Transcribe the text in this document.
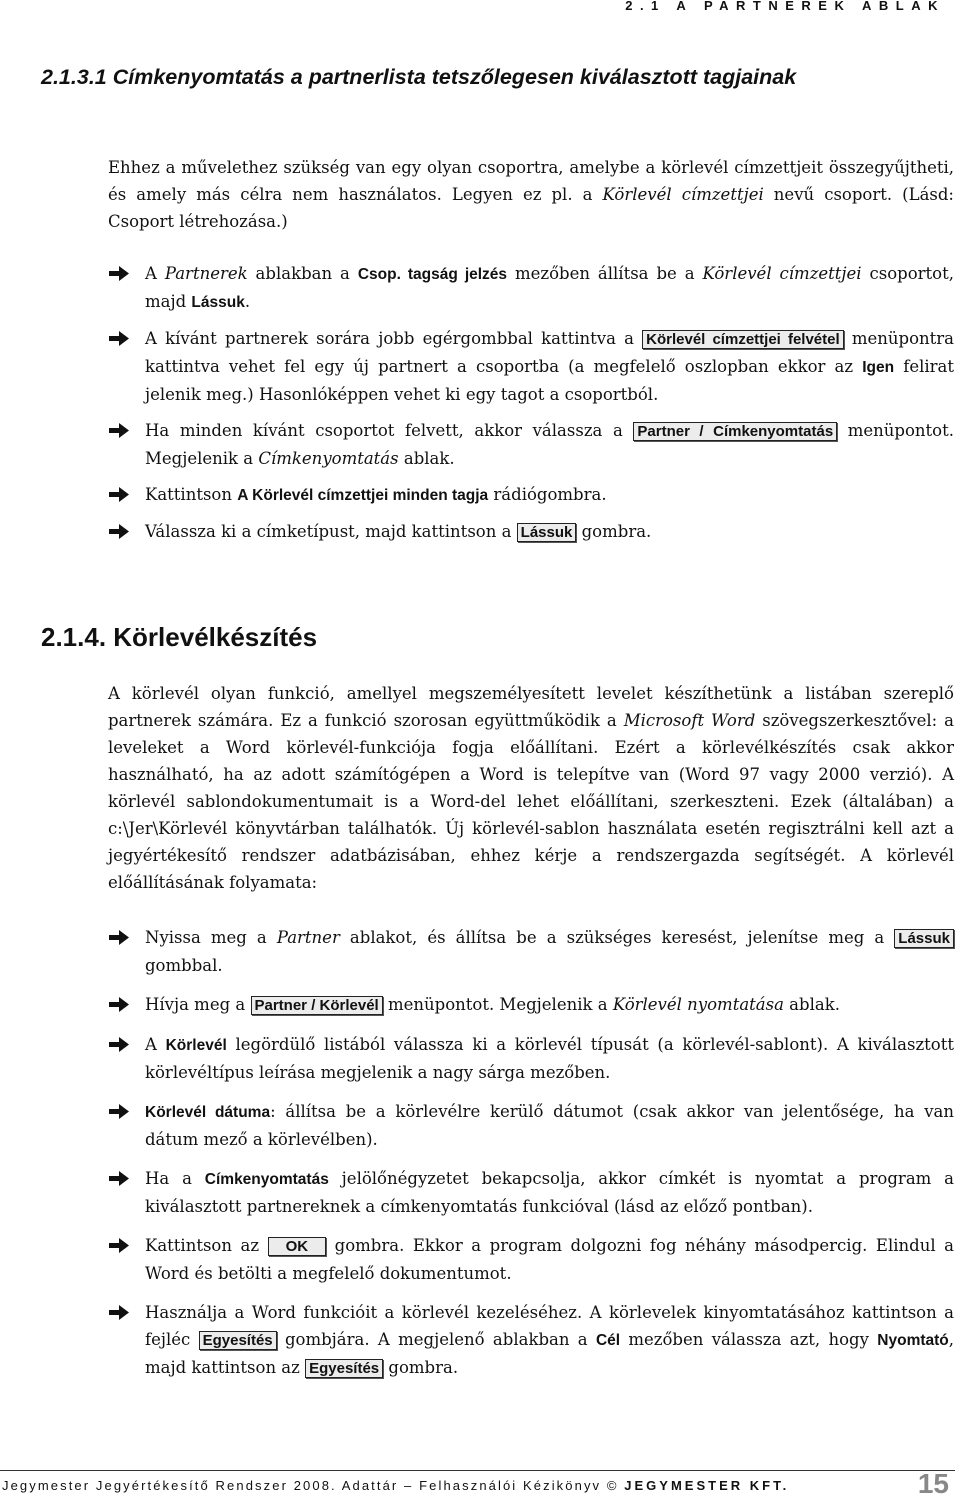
2.1 A PARTNEREK ABLAK
2.1.3.1 Címkenyomtatás a partnerlista tetszőlegesen kiválasztott tagjainak

Ehhez a művelethez szükség van egy olyan csoportra, amelybe a körlevél címzettjeit összegyűjtheti, és amely más célra nem használatos. Legyen ez pl. a Körlevél címzettjei nevű csoport. (Lásd: Csoport létrehozása.)

A Partnerek ablakban a Csop. tagság jelzés mezőben állítsa be a Körlevél címzettjei csoportot, majd Lássuk.
A kívánt partnerek sorára jobb egérgombbal kattintva a Körlevél címzettjei felvétel menüpontra kattintva vehet fel egy új partnert a csoportba (a megfelelő oszlopban ekkor az Igen felirat jelenik meg.) Hasonlóképpen vehet ki egy tagot a csoportból.
Ha minden kívánt csoportot felvett, akkor válassza a Partner / Címkenyomtatás menüpontot. Megjelenik a Címkenyomtatás ablak.
Kattintson A Körlevél címzettjei minden tagja rádiógombra.
Válassza ki a címketípust, majd kattintson a Lássuk gombra.
2.1.4. Körlevélkészítés

A körlevél olyan funkció, amellyel megszemélyesített levelet készíthetünk a listában szereplő partnerek számára. Ez a funkció szorosan együttműködik a Microsoft Word szövegszerkesztővel: a leveleket a Word körlevél-funkciója fogja előállítani. Ezért a körlevélkészítés csak akkor használható, ha az adott számítógépen a Word is telepítve van (Word 97 vagy 2000 verzió). A körlevél sablondokumentumait is a Word-del lehet előállítani, szerkeszteni. Ezek (általában) a c:\Jer\Körlevél könyvtárban találhatók. Új körlevél-sablon használata esetén regisztrálni kell azt a jegyértékesítő rendszer adatbázisában, ehhez kérje a rendszergazda segítségét. A körlevél előállításának folyamata:

Nyissa meg a Partner ablakot, és állítsa be a szükséges keresést, jelenítse meg a Lássuk gombbal.
Hívja meg a Partner / Körlevél menüpontot. Megjelenik a Körlevél nyomtatása ablak.
A Körlevél legördülő listából válassza ki a körlevél típusát (a körlevél-sablont). A kiválasztott körlevéltípus leírása megjelenik a nagy sárga mezőben.
Körlevél dátuma: állítsa be a körlevélre kerülő dátumot (csak akkor van jelentősége, ha van dátum mező a körlevélben).
Ha a Címkenyomtatás jelölőnégyzetet bekapcsolja, akkor címkét is nyomtat a program a kiválasztott partnereknek a címkenyomtatás funkcióval (lásd az előző pontban).
Kattintson az OK gombra. Ekkor a program dolgozni fog néhány másodpercig. Elindul a Word és betölti a megfelelő dokumentumot.
Használja a Word funkcióit a körlevél kezeléséhez. A körlevelek kinyomtatásához kattintson a fejléc Egyesítés gombjára. A megjelenő ablakban a Cél mezőben válassza azt, hogy Nyomtató, majd kattintson az Egyesítés gombra.
Jegymester Jegyértékesítő Rendszer 2008. Adattár – Felhasználói Kézikönyv © JEGYMESTER KFT.	15
